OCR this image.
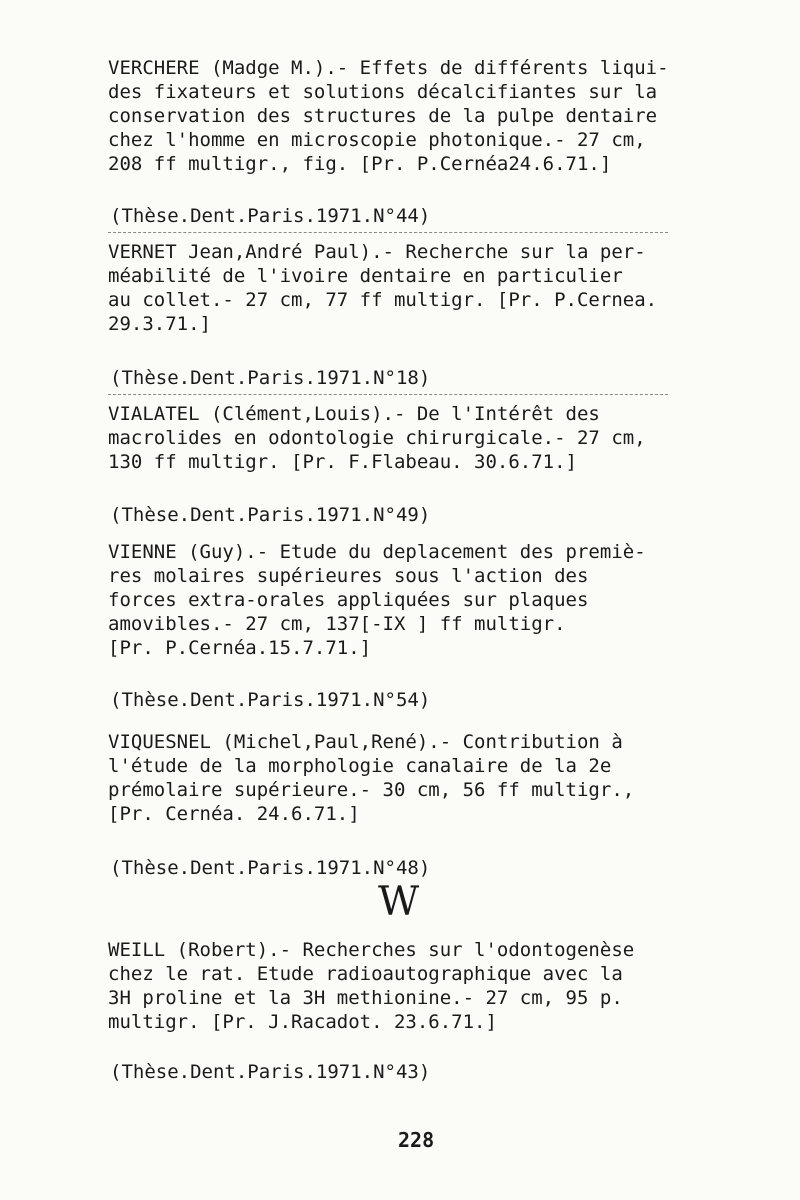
VERCHERE (Madge M.).- Effets de différents liqui-
des fixateurs et solutions décalcifiantes sur la
conservation des structures de la pulpe dentaire
chez l'homme en microscopie photonique.- 27 cm,
208 ff multigr., fig. [Pr. P.Cernéa24.6.71.]
(Thèse.Dent.Paris.1971.N°44)
VERNET Jean,André Paul).- Recherche sur la per-
méabilité de l'ivoire dentaire en particulier
au collet.- 27 cm, 77 ff multigr. [Pr. P.Cernea.
29.3.71.]
(Thèse.Dent.Paris.1971.N°18)
VIALATEL (Clément,Louis).- De l'Intérêt des
macrolides en odontologie chirurgicale.- 27 cm,
130 ff multigr. [Pr. F.Flabeau. 30.6.71.]
(Thèse.Dent.Paris.1971.N°49)
VIENNE (Guy).- Etude du deplacement des premiè-
res molaires supérieures sous l'action des
forces extra-orales appliquées sur plaques
amovibles.- 27 cm, 137[-IX ] ff multigr.
[Pr. P.Cernéa.15.7.71.]
(Thèse.Dent.Paris.1971.N°54)
VIQUESNEL (Michel,Paul,René).- Contribution à
l'étude de la morphologie canalaire de la 2e
prémolaire supérieure.- 30 cm, 56 ff multigr.,
[Pr. Cernéa. 24.6.71.]
(Thèse.Dent.Paris.1971.N°48)
W
WEILL (Robert).- Recherches sur l'odontogenèse
chez le rat. Etude radioautographique avec la
3H proline et la 3H methionine.- 27 cm, 95 p.
multigr. [Pr. J.Racadot. 23.6.71.]
(Thèse.Dent.Paris.1971.N°43)
228
